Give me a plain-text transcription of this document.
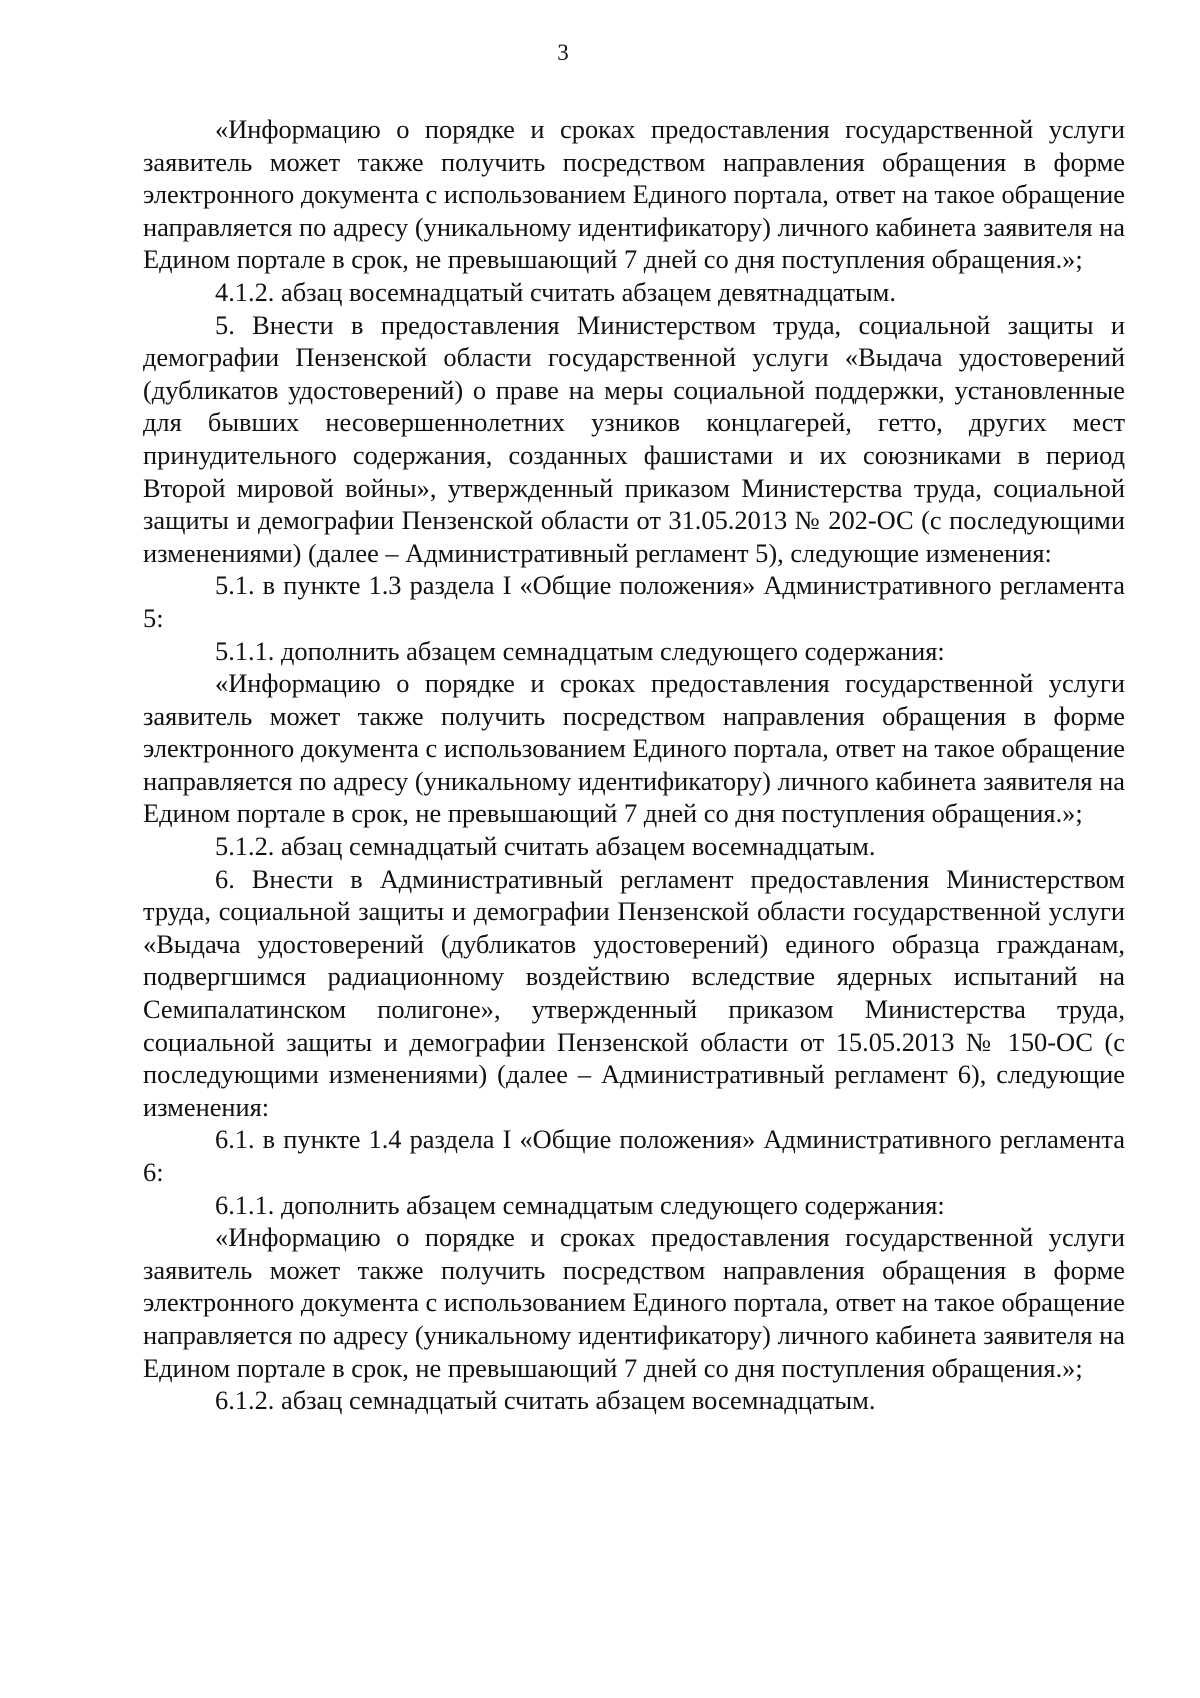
3

«Информацию о порядке и сроках предоставления государственной услуги заявитель может также получить посредством направления обращения в форме электронного документа с использованием Единого портала, ответ на такое обращение направляется по адресу (уникальному идентификатору) личного кабинета заявителя на Едином портале в срок, не превышающий 7 дней со дня поступления обращения.»;

4.1.2. абзац восемнадцатый считать абзацем девятнадцатым.

5. Внести в предоставления Министерством труда, социальной защиты и демографии Пензенской области государственной услуги «Выдача удостоверений (дубликатов удостоверений) о праве на меры социальной поддержки, установленные для бывших несовершеннолетних узников концлагерей, гетто, других мест принудительного содержания, созданных фашистами и их союзниками в период Второй мировой войны», утвержденный приказом Министерства труда, социальной защиты и демографии Пензенской области от 31.05.2013 № 202-ОС (с последующими изменениями) (далее – Административный регламент 5), следующие изменения:

5.1. в пункте 1.3 раздела I «Общие положения» Административного регламента 5:

5.1.1. дополнить абзацем семнадцатым следующего содержания:

«Информацию о порядке и сроках предоставления государственной услуги заявитель может также получить посредством направления обращения в форме электронного документа с использованием Единого портала, ответ на такое обращение направляется по адресу (уникальному идентификатору) личного кабинета заявителя на Едином портале в срок, не превышающий 7 дней со дня поступления обращения.»;

5.1.2. абзац семнадцатый считать абзацем восемнадцатым.

6. Внести в Административный регламент предоставления Министерством труда, социальной защиты и демографии Пензенской области государственной услуги «Выдача удостоверений (дубликатов удостоверений) единого образца гражданам, подвергшимся радиационному воздействию вследствие ядерных испытаний на Семипалатинском полигоне», утвержденный приказом Министерства труда, социальной защиты и демографии Пензенской области от 15.05.2013 № 150-ОС (с последующими изменениями) (далее – Административный регламент 6), следующие изменения:

6.1. в пункте 1.4 раздела I «Общие положения» Административного регламента 6:

6.1.1. дополнить абзацем семнадцатым следующего содержания:

«Информацию о порядке и сроках предоставления государственной услуги заявитель может также получить посредством направления обращения в форме электронного документа с использованием Единого портала, ответ на такое обращение направляется по адресу (уникальному идентификатору) личного кабинета заявителя на Едином портале в срок, не превышающий 7 дней со дня поступления обращения.»;

6.1.2. абзац семнадцатый считать абзацем восемнадцатым.
